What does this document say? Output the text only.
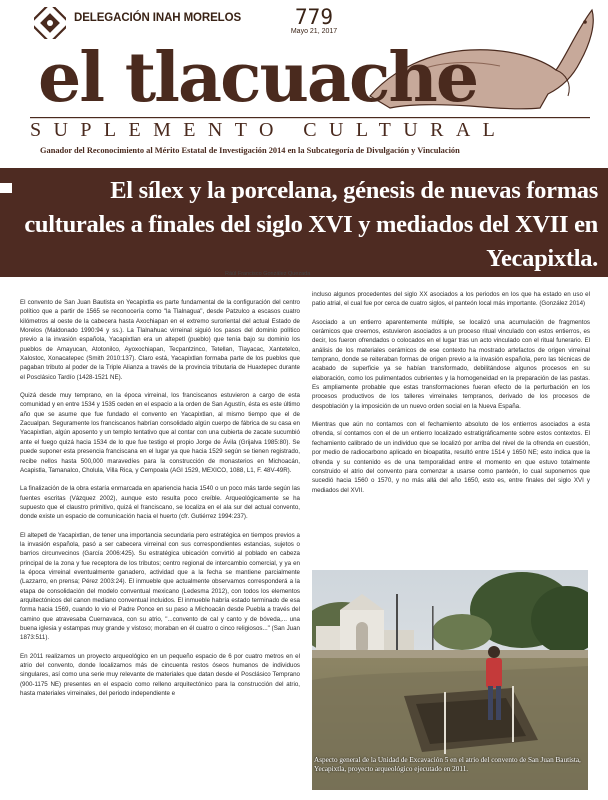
DELEGACIÓN INAH MORELOS	779
Mayo 21, 2017
el tlacuache
SUPLEMENTO CULTURAL
Ganador del Reconocimiento al Mérito Estatal de Investigación 2014 en la Subcategoría de Divulgación y Vinculación
El sílex y la porcelana, génesis de nuevas formas culturales a finales del siglo XVI y mediados del XVII en Yecapixtla.
Ráúl Francisco González Quezada

El convento de San Juan Bautista en Yecapixtla es parte fundamental de la configuración del centro político que a partir de 1565 se reconocería como "la Tlalnagua", desde Patzulco a escasos cuatro kilómetros al oeste de la cabecera hasta Axochiapan en el extremo suroriental del actual Estado de Morelos (Maldonado 1990:94 y ss.). La Tlalnahuac virreinal siguió los pasos del dominio político previo a la invasión española, Yacapixtlan era un altepetl (pueblo) que tenía bajo su dominio los pueblos de Amayucan, Atotonilco, Ayoxochiapan, Tecpantzinco, Tetellan, Tlayacac, Xantetelco, Xalostoc, Xonacatepec (Smith 2010:137). Claro está, Yacapixtlan formaba parte de los pueblos que pagaban tributo al poder de la Triple Alianza a través de la provincia tributaria de Huaxtepec durante el Posclásico Tardío (1428-1521 NE).

Quizá desde muy temprano, en la época virreinal, los franciscanos estuvieron a cargo de esta comunidad y en entre 1534 y 1535 ceden en el espacio a la orden de San Agustín, ésta es este último año que se asume que fue fundado el convento en Yacapixtlan, al mismo tiempo que el de Zacualpan. Seguramente los franciscanos habrían consolidado algún cuerpo de fábrica de su casa en Yacapixtlan, algún aposento y un templo tentativo que al contar con una cubierta de zacate sucumbió ante el fuego quizá hacia 1534 de lo que fue testigo el propio Jorge de Ávila (Grijalva 1985:80). Se puede suponer esta presencia franciscana en el lugar ya que hacia 1529 según se tienen registrado, recibe nellos hasta 500,000 maravedíes para la construcción de monasterios en Michoacán, Acapistla, Tamanalco, Cholula, Villa Rica, y Cempoala (AGI 1529, MEXICO, 1088, L1, F. 48V-49R).

La finalización de la obra estaría enmarcada en apariencia hacia 1540 o un poco más tarde según las fuentes escritas (Vázquez 2002), aunque esto resulta poco creíble. Arqueológicamente se ha supuesto que el claustro primitivo, quizá el franciscano, se localiza en el ala sur del actual convento, donde existe un espacio de comunicación hacia el huerto (cfr. Gutiérrez 1994:237).

El altepetl de Yacapixtlan, de tener una importancia secundaria pero estratégica en tiempos previos a la invasión española, pasó a ser cabecera virreinal con sus correspondientes estancias, sujetos o barrios circunvecinos (García 2006:425). Su estratégica ubicación convirtió al poblado en cabeza principal de la zona y fue receptora de los tributos; centro regional de intercambio comercial, y ya en la época virreinal eventualmente ganadero, actividad que a la fecha se mantiene parcialmente (Lazzarro, en prensa; Pérez 2003:24). El inmueble que actualmente observamos corresponderá a la etapa de consolidación del modelo conventual mexicano (Ledesma 2012), con todos los elementos arquitectónicos del canon mediano conventual incluidos. El inmueble habría estado terminado de esa forma hacia 1569, cuando lo vio el Padre Ponce en su paso a Michoacán desde Puebla a través del camino que atravesaba Cuernavaca, con su atrio, "...convento de cal y canto y de bóveda,... una buena iglesia y estampas muy grande y vistoso; moraban en él cuatro o cinco religiosos..." (San Juan 1873:511).

En 2011 realizamos un proyecto arqueológico en un pequeño espacio de 6 por cuatro metros en el atrio del convento, donde localizamos más de cincuenta restos óseos humanos de individuos singulares, así como una serie muy relevante de materiales que datan desde el Posclásico Temprano (900-1175 NE) presentes en el espacio como relleno arquitectónico para la construcción del atrio, hasta materiales virreinales, del periodo independiente e

incluso algunos procedentes del siglo XX asociados a los periodos en los que ha estado en uso el patio atrial, el cual fue por cerca de cuatro siglos, el panteón local más importante. (González 2014)

Asociado a un entierro aparentemente múltiple, se localizó una acumulación de fragmentos cerámicos que creemos, estuvieron asociados a un proceso ritual vinculado con estos entierros, es decir, los fueron ofrendados o colocados en el lugar tras un acto vinculado con el ritual funerario. El análisis de los materiales cerámicos de ese contexto ha mostrado artefactos de origen virreinal temprano, donde se reiteraban formas de origen previo a la invasión española, pero las técnicas de acabado de superficie ya se habían transformado, debilitándose algunos procesos en su elaboración, como los pulimentados cubrientes y la homogeneidad en la preparación de las pastas. Es ampliamente probable que estas transformaciones fueran efecto de la perturbación en los procesos productivos de los talleres virreinales tempranos, derivado de los procesos de despoblación y la imposición de un nuevo orden social en la Nueva España.

Mientras que aún no contamos con el fechamiento absoluto de los entierros asociados a esta ofrenda, sí contamos con el de un entierro localizado estratigráficamente sobre estos contextos. El fechamiento calibrado de un individuo que se localizó por arriba del nivel de la ofrenda en cuestión, por medio de radiocarbono aplicado en bioapatita, resultó entre 1514 y 1650 NE; esto indica que la ofrenda y su contenido es de una temporalidad entre el momento en que estuvo totalmente construido el atrio del convento para comenzar a usarse como panteón, lo cual suponemos que sucedió hacia 1560 o 1570, y no más allá del año 1650, esto es, entre finales del siglo XVI y mediados del XVII.

Aspecto general de la Unidad de Excavación 5 en el atrio del convento de San Juan Bautista, Yecapixtla, proyecto arqueológico ejecutado en 2011.
